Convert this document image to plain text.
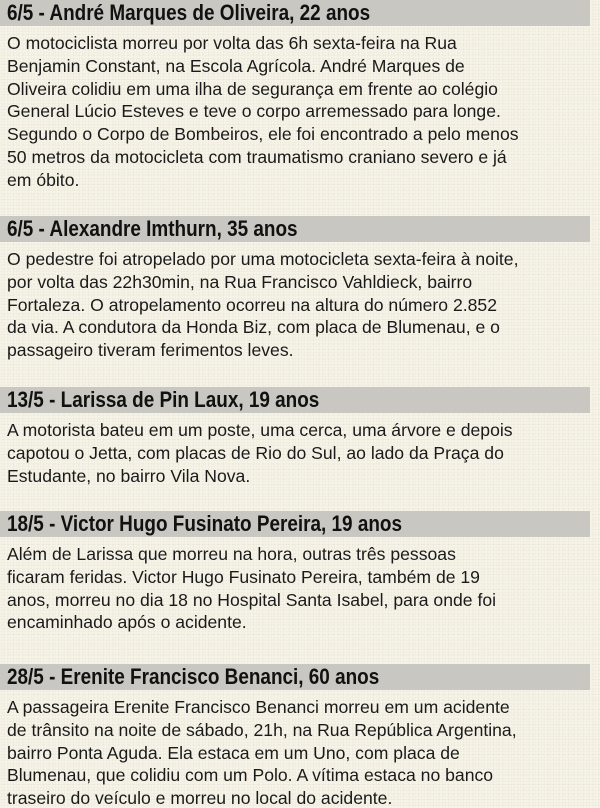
6/5 - André Marques de Oliveira, 22 anos
O motociclista morreu por volta das 6h sexta-feira na Rua
Benjamin Constant, na Escola Agrícola. André Marques de
Oliveira colidiu em uma ilha de segurança em frente ao colégio
General Lúcio Esteves e teve o corpo arremessado para longe.
Segundo o Corpo de Bombeiros, ele foi encontrado a pelo menos
50 metros da motocicleta com traumatismo craniano severo e já
em óbito.
6/5 - Alexandre Imthurn, 35 anos
O pedestre foi atropelado por uma motocicleta sexta-feira à noite,
por volta das 22h30min, na Rua Francisco Vahldieck, bairro
Fortaleza. O atropelamento ocorreu na altura do número 2.852
da via. A condutora da Honda Biz, com placa de Blumenau, e o
passageiro tiveram ferimentos leves.
13/5 - Larissa de Pin Laux, 19 anos
A motorista bateu em um poste, uma cerca, uma árvore e depois
capotou o Jetta, com placas de Rio do Sul, ao lado da Praça do
Estudante, no bairro Vila Nova.
18/5 - Victor Hugo Fusinato Pereira, 19 anos
Além de Larissa que morreu na hora, outras três pessoas
ficaram feridas. Victor Hugo Fusinato Pereira, também de 19
anos, morreu no dia 18 no Hospital Santa Isabel, para onde foi
encaminhado após o acidente.
28/5 - Erenite Francisco Benanci, 60 anos
A passageira Erenite Francisco Benanci morreu em um acidente
de trânsito na noite de sábado, 21h, na Rua República Argentina,
bairro Ponta Aguda. Ela estaca em um Uno, com placa de
Blumenau, que colidiu com um Polo. A vítima estaca no banco
traseiro do veículo e morreu no local do acidente.
